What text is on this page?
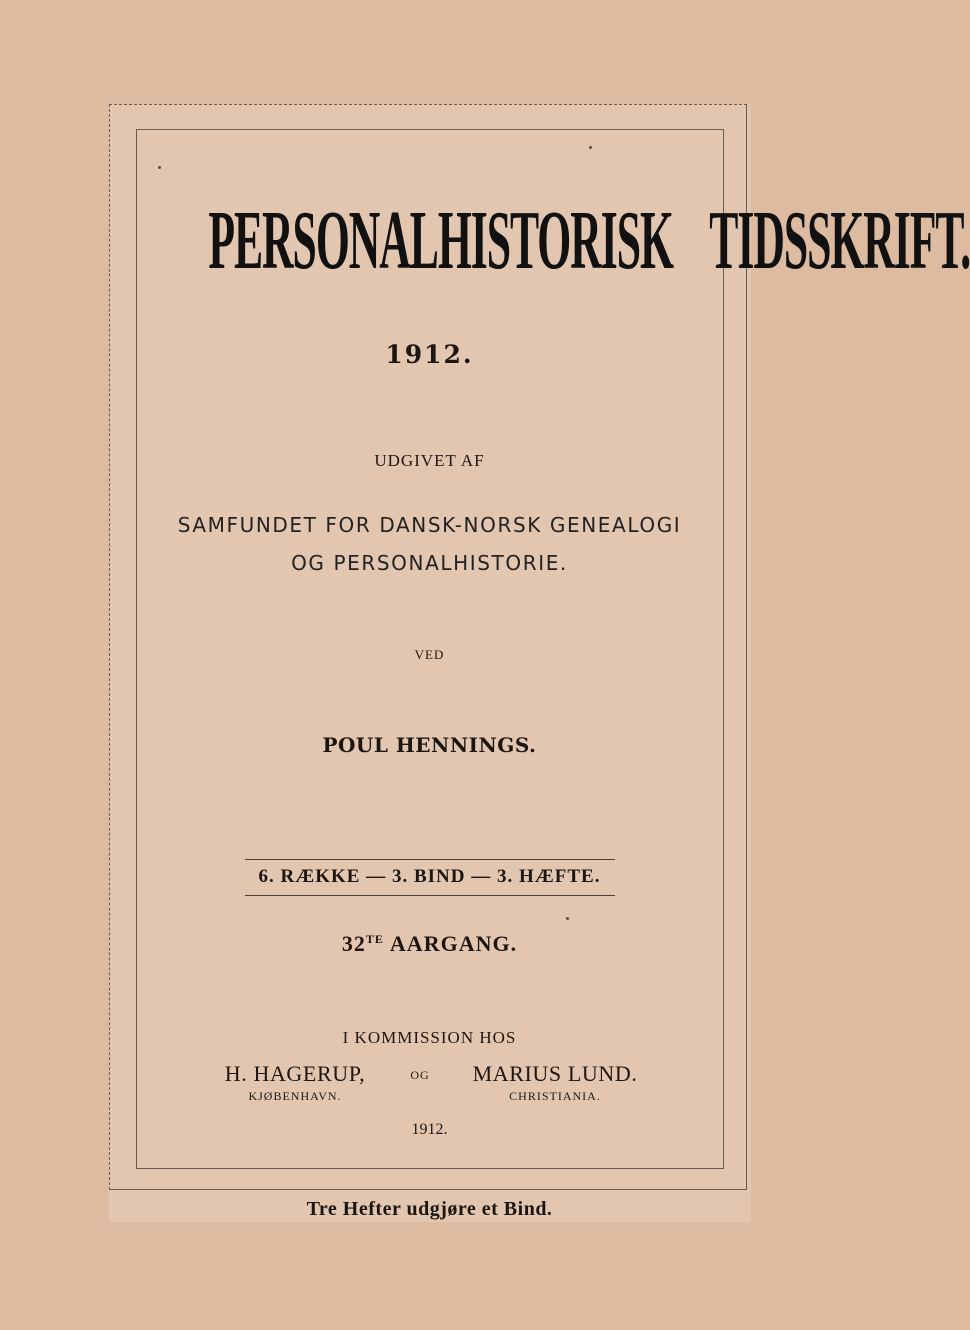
PERSONALHISTORISK TIDSSKRIFT.

1912.

UDGIVET AF

SAMFUNDET FOR DANSK-NORSK GENEALOGI

OG PERSONALHISTORIE.

VED

POUL HENNINGS.

6. RÆKKE — 3. BIND — 3. HÆFTE.

$32^{TE}$ AARGANG.

I KOMMISSION HOS

H. HAGERUP,
KJØBENHAVN.
OG	MARIUS LUND.
CHRISTIANIA.

1912.

Tre Hefter udgjøre et Bind.
